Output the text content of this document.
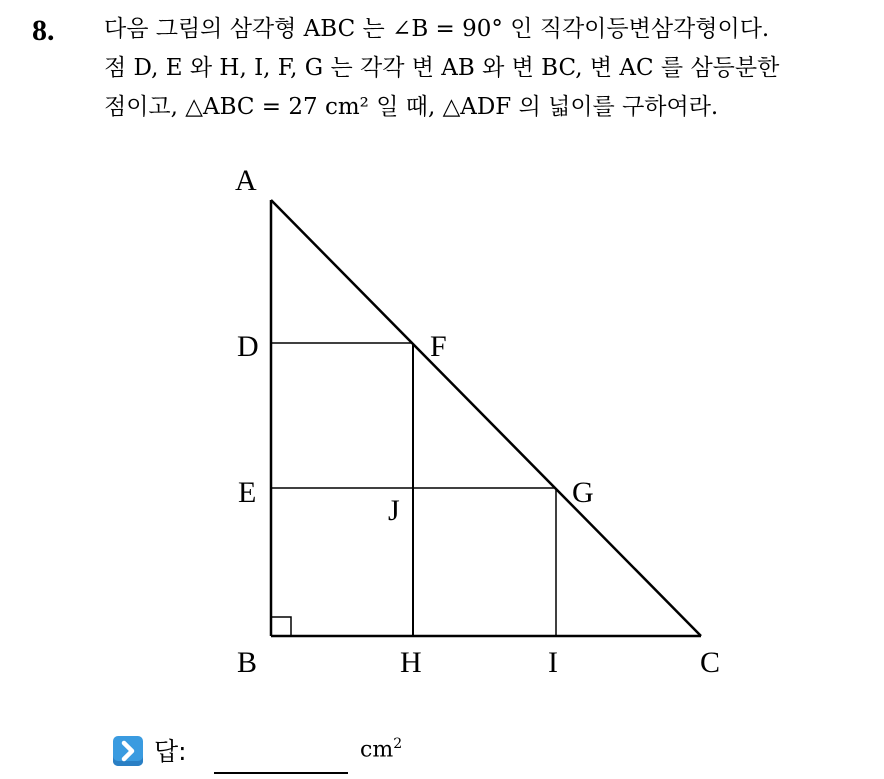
8. 다음 그림의 삼각형 ABC 는 ∠B = 90° 인 직각이등변삼각형이다.
점 D, E 와 H, I, F, G 는 각각 변 AB 와 변 BC, 변 AC 를 삼등분한
점이고, △ABC = 27 cm² 일 때, △ADF 의 넓이를 구하여라.
A
D
E
F
G
J
B	H	I	C
답:	$cm^2$
